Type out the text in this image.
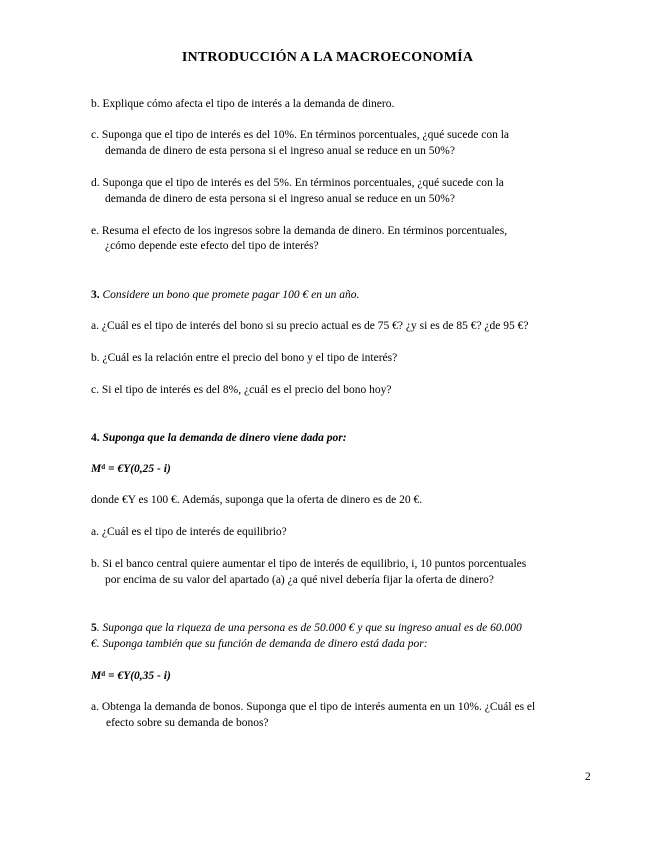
INTRODUCCIÓN A LA MACROECONOMÍA
b. Explique cómo afecta el tipo de interés a la demanda de dinero.
c. Suponga que el tipo de interés es del 10%. En términos porcentuales, ¿qué sucede con la
demanda de dinero de esta persona si el ingreso anual se reduce en un 50%?
d. Suponga que el tipo de interés es del 5%. En términos porcentuales, ¿qué sucede con la
demanda de dinero de esta persona si el ingreso anual se reduce en un 50%?
e. Resuma el efecto de los ingresos sobre la demanda de dinero. En términos porcentuales,
¿cómo depende este efecto del tipo de interés?
3. Considere un bono que promete pagar 100 € en un año.
a. ¿Cuál es el tipo de interés del bono si su precio actual es de 75 €? ¿y si es de 85 €? ¿de 95 €?
b. ¿Cuál es la relación entre el precio del bono y el tipo de interés?
c. Si el tipo de interés es del 8%, ¿cuál es el precio del bono hoy?
4. Suponga que la demanda de dinero viene dada por:
$M^d$ = €Y(0,25 - i)
donde €Y es 100 €. Además, suponga que la oferta de dinero es de 20 €.
a. ¿Cuál es el tipo de interés de equilibrio?
b. Si el banco central quiere aumentar el tipo de interés de equilibrio, i, 10 puntos porcentuales
por encima de su valor del apartado (a) ¿a qué nivel debería fijar la oferta de dinero?
5. Suponga que la riqueza de una persona es de 50.000 € y que su ingreso anual es de 60.000
€. Suponga también que su función de demanda de dinero está dada por:
$M^d$ = €Y(0,35 - i)
a. Obtenga la demanda de bonos. Suponga que el tipo de interés aumenta en un 10%. ¿Cuál es el
efecto sobre su demanda de bonos?
2
